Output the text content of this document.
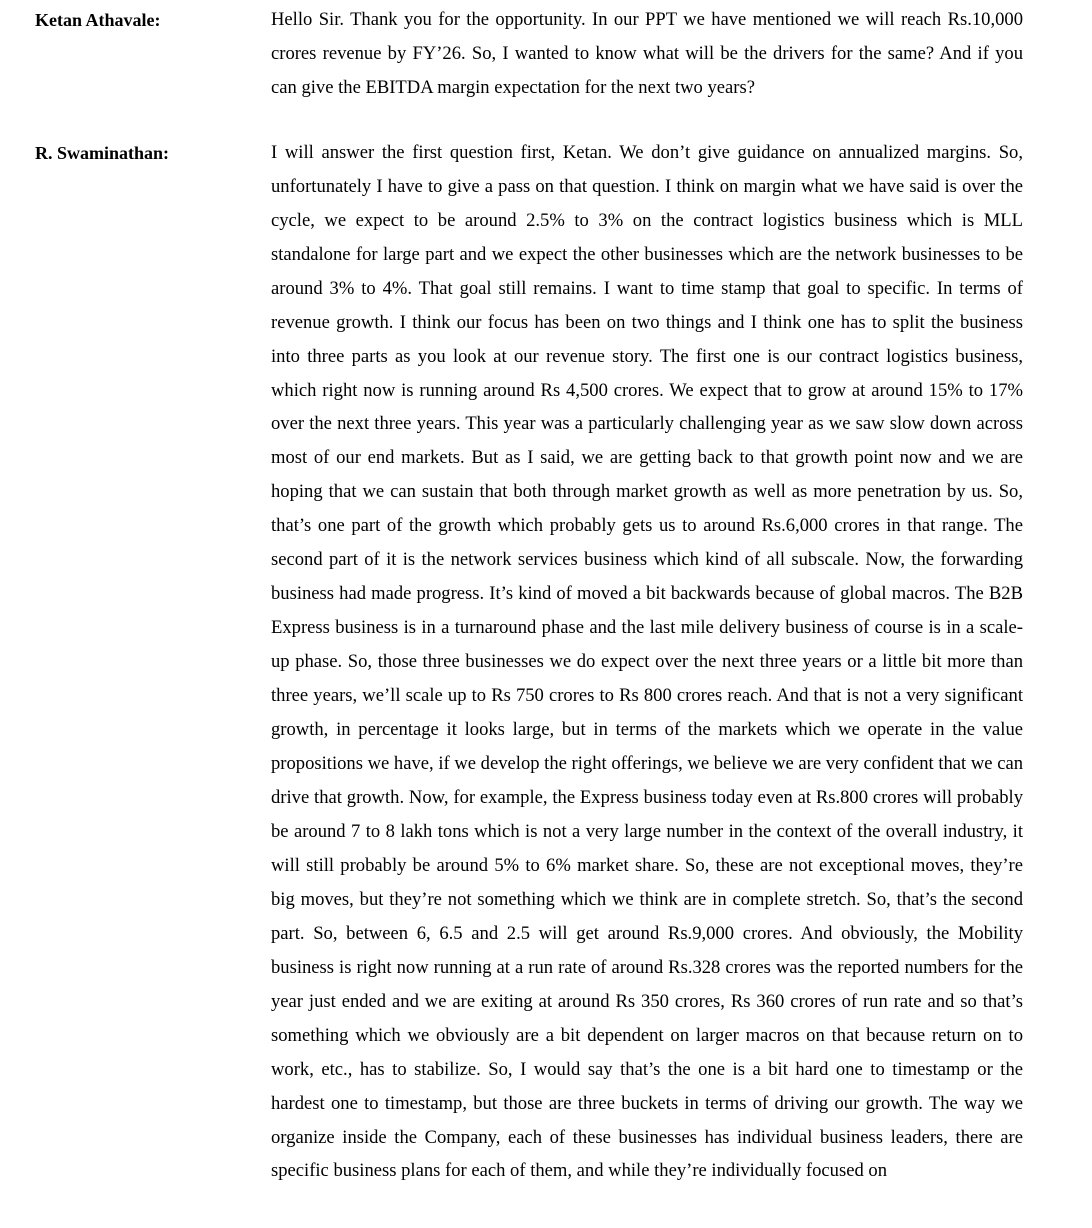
Ketan Athavale:	Hello Sir. Thank you for the opportunity. In our PPT we have mentioned we will reach Rs.10,000 crores revenue by FY’26. So, I wanted to know what will be the drivers for the same? And if you can give the EBITDA margin expectation for the next two years?

R. Swaminathan:	I will answer the first question first, Ketan. We don’t give guidance on annualized margins. So, unfortunately I have to give a pass on that question. I think on margin what we have said is over the cycle, we expect to be around 2.5% to 3% on the contract logistics business which is MLL standalone for large part and we expect the other businesses which are the network businesses to be around 3% to 4%. That goal still remains. I want to time stamp that goal to specific. In terms of revenue growth. I think our focus has been on two things and I think one has to split the business into three parts as you look at our revenue story. The first one is our contract logistics business, which right now is running around Rs 4,500 crores. We expect that to grow at around 15% to 17% over the next three years. This year was a particularly challenging year as we saw slow down across most of our end markets. But as I said, we are getting back to that growth point now and we are hoping that we can sustain that both through market growth as well as more penetration by us. So, that’s one part of the growth which probably gets us to around Rs.6,000 crores in that range. The second part of it is the network services business which kind of all subscale. Now, the forwarding business had made progress. It’s kind of moved a bit backwards because of global macros. The B2B Express business is in a turnaround phase and the last mile delivery business of course is in a scale-up phase. So, those three businesses we do expect over the next three years or a little bit more than three years, we’ll scale up to Rs 750 crores to Rs 800 crores reach. And that is not a very significant growth, in percentage it looks large, but in terms of the markets which we operate in the value propositions we have, if we develop the right offerings, we believe we are very confident that we can drive that growth. Now, for example, the Express business today even at Rs.800 crores will probably be around 7 to 8 lakh tons which is not a very large number in the context of the overall industry, it will still probably be around 5% to 6% market share. So, these are not exceptional moves, they’re big moves, but they’re not something which we think are in complete stretch. So, that’s the second part. So, between 6, 6.5 and 2.5 will get around Rs.9,000 crores. And obviously, the Mobility business is right now running at a run rate of around Rs.328 crores was the reported numbers for the year just ended and we are exiting at around Rs 350 crores, Rs 360 crores of run rate and so that’s something which we obviously are a bit dependent on larger macros on that because return on to work, etc., has to stabilize. So, I would say that’s the one is a bit hard one to timestamp or the hardest one to timestamp, but those are three buckets in terms of driving our growth. The way we organize inside the Company, each of these businesses has individual business leaders, there are specific business plans for each of them, and while they’re individually focused on
